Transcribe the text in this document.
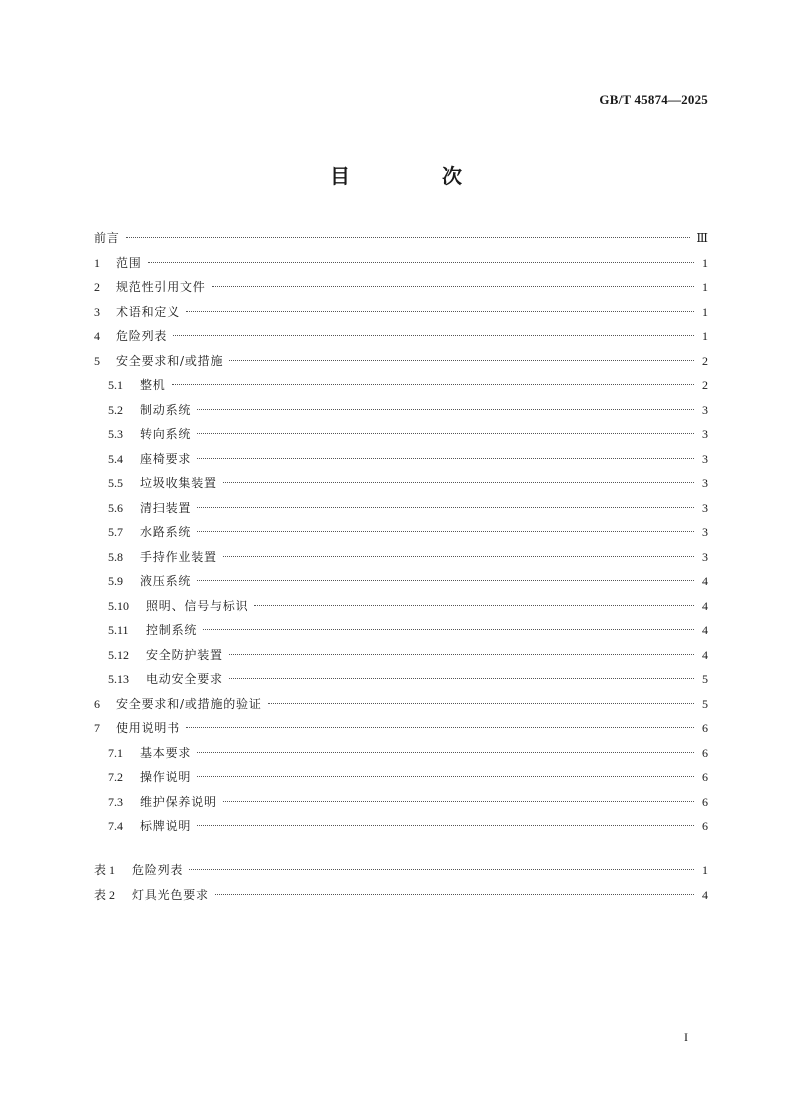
GB/T 45874—2025
目　次
前言	Ⅲ
1	范围	1
2	规范性引用文件	1
3	术语和定义	1
4	危险列表	1
5	安全要求和/或措施	2
5.1	整机	2
5.2	制动系统	3
5.3	转向系统	3
5.4	座椅要求	3
5.5	垃圾收集装置	3
5.6	清扫装置	3
5.7	水路系统	3
5.8	手持作业装置	3
5.9	液压系统	4
5.10	照明、信号与标识	4
5.11	控制系统	4
5.12	安全防护装置	4
5.13	电动安全要求	5
6	安全要求和/或措施的验证	5
7	使用说明书	6
7.1	基本要求	6
7.2	操作说明	6
7.3	维护保养说明	6
7.4	标牌说明	6
表 1	危险列表	1
表 2	灯具光色要求	4
I
